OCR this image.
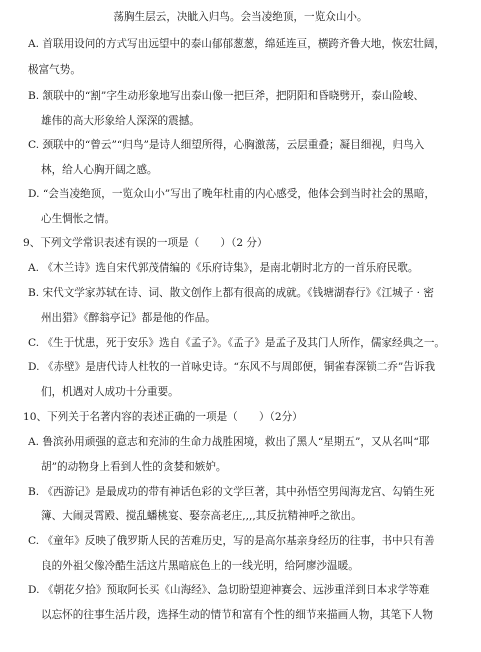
荡胸生层云，决眦入归鸟。会当凌绝顶，一览众山小。
A. 首联用设问的方式写出远望中的泰山郁郁葱葱，绵延连亘，横跨齐鲁大地，恢宏壮阔，
极富气势。
B. 颔联中的“割”字生动形象地写出泰山像一把巨斧，把阴阳和昏晓劈开，泰山险峻、
雄伟的高大形象给人深深的震撼。
C. 颈联中的“曾云”“归鸟”是诗人细望所得，心胸激荡，云层重叠；凝目细视，归鸟入
林，给人心胸开阔之感。
D. “会当凌绝顶，一览众山小”写出了晚年杜甫的内心感受，他体会到当时社会的黑暗，
心生惆怅之情。
9、下列文学常识表述有误的一项是（　　）（2 分）
A. 《木兰诗》选自宋代郭茂倩编的《乐府诗集》，是南北朝时北方的一首乐府民歌。
B. 宋代文学家苏轼在诗、词、散文创作上都有很高的成就。《钱塘湖春行》《江城子 · 密
州出猎》《醉翁亭记》都是他的作品。
C. 《生于忧患，死于安乐》选自《孟子》。《孟子》是孟子及其门人所作，儒家经典之一。
D. 《赤壁》是唐代诗人杜牧的一首咏史诗。“东风不与周郎便，铜雀春深锁二乔”告诉我
们，机遇对人成功十分重要。
10、下列关于名著内容的表述正确的一项是（　　）（2分）
A. 鲁滨孙用顽强的意志和充沛的生命力战胜困境，救出了黑人“星期五”，又从名叫“耶
胡”的动物身上看到人性的贪婪和嫉妒。
B. 《西游记》是最成功的带有神话色彩的文学巨著，其中孙悟空男闯海龙宫、勾销生死
簿、大闹灵霄殿、搅乱蟠桃宴、娶奈高老庄,,,,其反抗精神呼之欲出。
C. 《童年》反映了俄罗斯人民的苦难历史，写的是高尔基亲身经历的往事，书中只有善
良的外祖父像冷酷生活这片黑暗底色上的一线光明，给阿廖沙温暖。
D. 《朝花夕拾》预取阿长买《山海经》、急切盼望迎神赛会、远涉重洋到日本求学等难
以忘怀的往事生活片段，选择生动的情节和富有个性的细节来描画人物，其笔下人物
